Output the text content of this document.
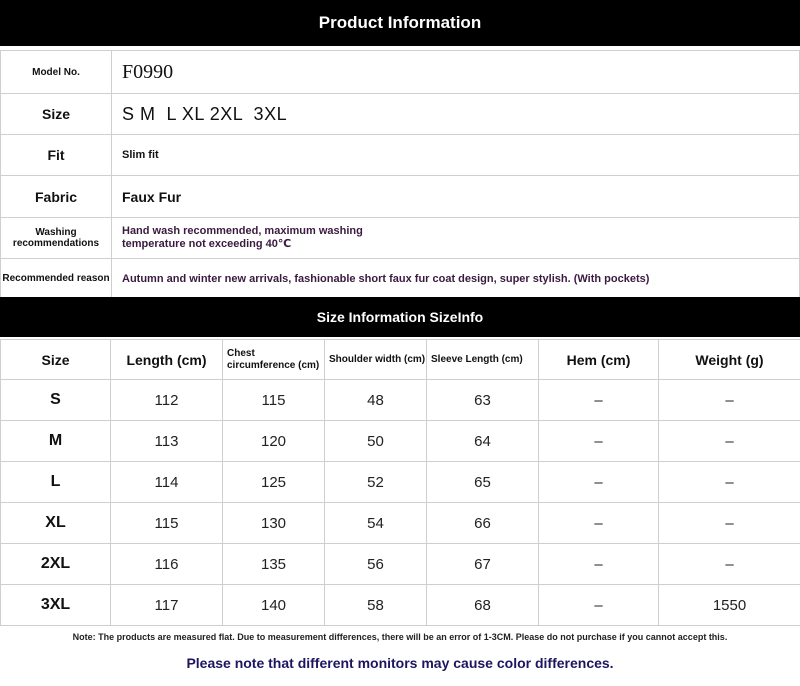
Product Information
Model No.	F0990
Size	S M  L XL 2XL  3XL
Fit	Slim fit
Fabric	Faux Fur
Washing recommendations	Hand wash recommended, maximum washing
temperature not exceeding 40℃

Recommended reason	Autumn and winter new arrivals, fashionable short faux fur coat design, super stylish. (With pockets)
Size Information SizeInfo
Size	Length (cm)	Chest circumference (cm)	Shoulder width (cm)	Sleeve Length (cm)	Hem (cm)	Weight (g)
S	112	115	48	63	–	–
M	113	120	50	64	–	–
L	114	125	52	65	–	–
XL	115	130	54	66	–	–
2XL	116	135	56	67	–	–
3XL	117	140	58	68	–	1550
Note: The products are measured flat. Due to measurement differences, there will be an error of 1-3CM. Please do not purchase if you cannot accept this.
Please note that different monitors may cause color differences.
